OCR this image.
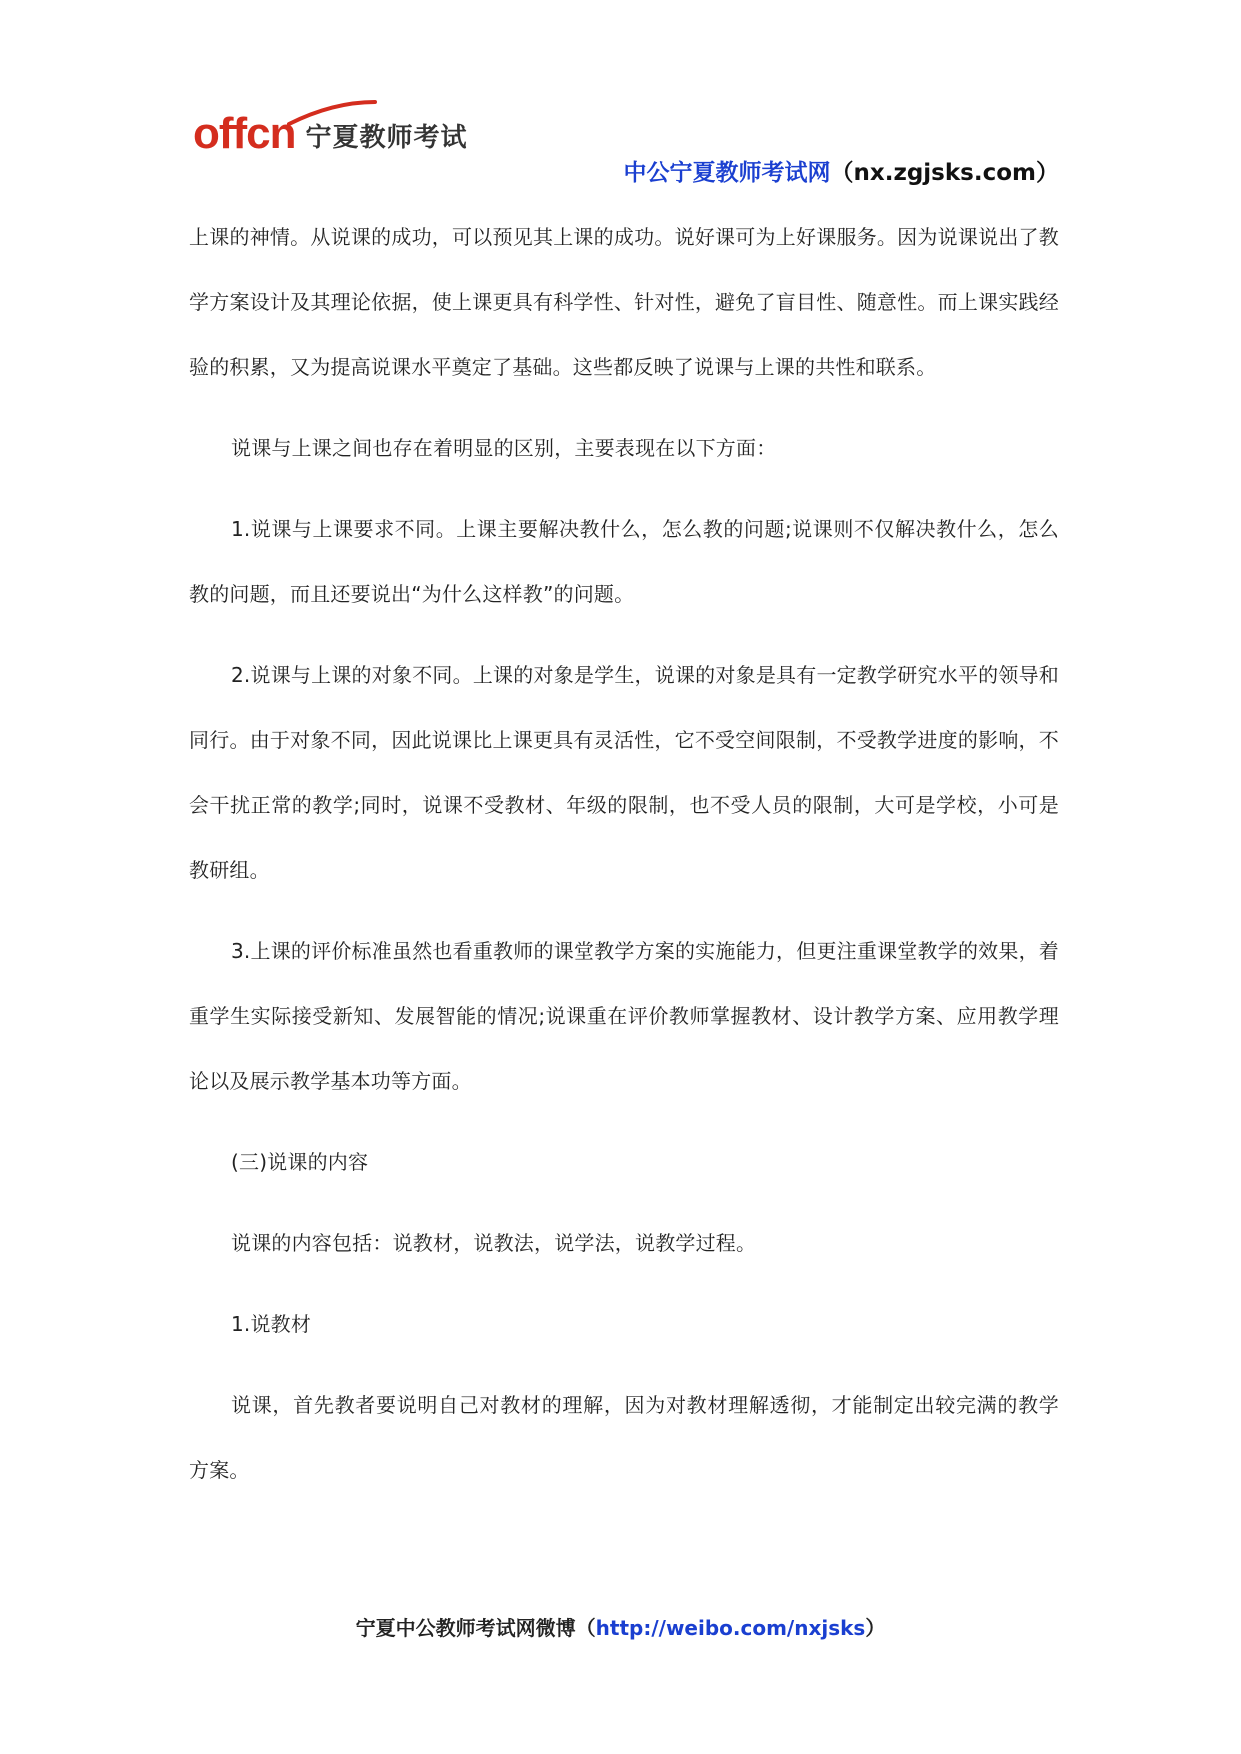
offcn 宁夏教师考试
中公宁夏教师考试网（nx.zgjsks.com）

上课的神情。从说课的成功，可以预见其上课的成功。说好课可为上好课服务。因为说课说出了教学方案设计及其理论依据，使上课更具有科学性、针对性，避免了盲目性、随意性。而上课实践经验的积累，又为提高说课水平奠定了基础。这些都反映了说课与上课的共性和联系。

说课与上课之间也存在着明显的区别，主要表现在以下方面：

1.说课与上课要求不同。上课主要解决教什么，怎么教的问题;说课则不仅解决教什么，怎么教的问题，而且还要说出“为什么这样教”的问题。

2.说课与上课的对象不同。上课的对象是学生，说课的对象是具有一定教学研究水平的领导和同行。由于对象不同，因此说课比上课更具有灵活性，它不受空间限制，不受教学进度的影响，不会干扰正常的教学;同时，说课不受教材、年级的限制，也不受人员的限制，大可是学校，小可是教研组。

3.上课的评价标准虽然也看重教师的课堂教学方案的实施能力，但更注重课堂教学的效果，着重学生实际接受新知、发展智能的情况;说课重在评价教师掌握教材、设计教学方案、应用教学理论以及展示教学基本功等方面。

(三)说课的内容

说课的内容包括：说教材，说教法，说学法，说教学过程。

1.说教材

说课，首先教者要说明自己对教材的理解，因为对教材理解透彻，才能制定出较完满的教学方案。

宁夏中公教师考试网微博（http://weibo.com/nxjsks）
